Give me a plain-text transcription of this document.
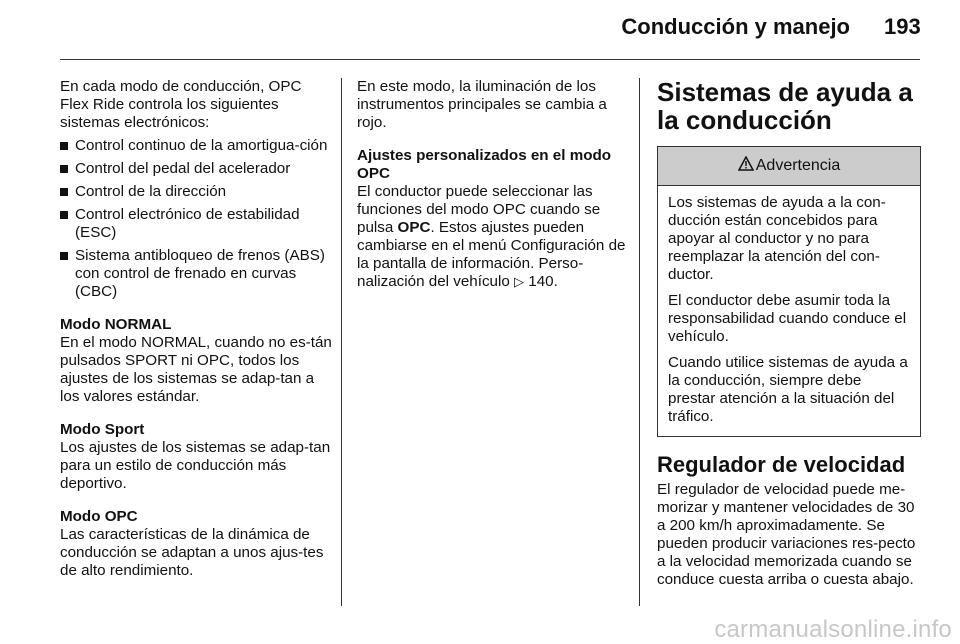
Conducción y manejo 193

En cada modo de conducción, OPC Flex Ride controla los siguientes sistemas electrónicos:

Control continuo de la amortigua-ción
Control del pedal del acelerador
Control de la dirección
Control electrónico de estabilidad (ESC)
Sistema antibloqueo de frenos (ABS) con control de frenado en curvas (CBC)

Modo NORMAL

En el modo NORMAL, cuando no es-tán pulsados SPORT ni OPC, todos los ajustes de los sistemas se adap-tan a los valores estándar.

Modo Sport

Los ajustes de los sistemas se adap-tan para un estilo de conducción más deportivo.

Modo OPC

Las características de la dinámica de conducción se adaptan a unos ajus-tes de alto rendimiento.

En este modo, la iluminación de los instrumentos principales se cambia a rojo.

Ajustes personalizados en el modo OPC

El conductor puede seleccionar las funciones del modo OPC cuando se pulsa OPC. Estos ajustes pueden cambiarse en el menú Configuración de la pantalla de información. Perso-nalización del vehículo ▷ 140.

Sistemas de ayuda a la conducción
Advertencia

Los sistemas de ayuda a la con-ducción están concebidos para apoyar al conductor y no para reemplazar la atención del con-ductor.

El conductor debe asumir toda la responsabilidad cuando conduce el vehículo.

Cuando utilice sistemas de ayuda a la conducción, siempre debe prestar atención a la situación del tráfico.

Regulador de velocidad

El regulador de velocidad puede me-morizar y mantener velocidades de 30 a 200 km/h aproximadamente. Se pueden producir variaciones res-pecto a la velocidad memorizada cuando se conduce cuesta arriba o cuesta abajo.

carmanualsonline.info
